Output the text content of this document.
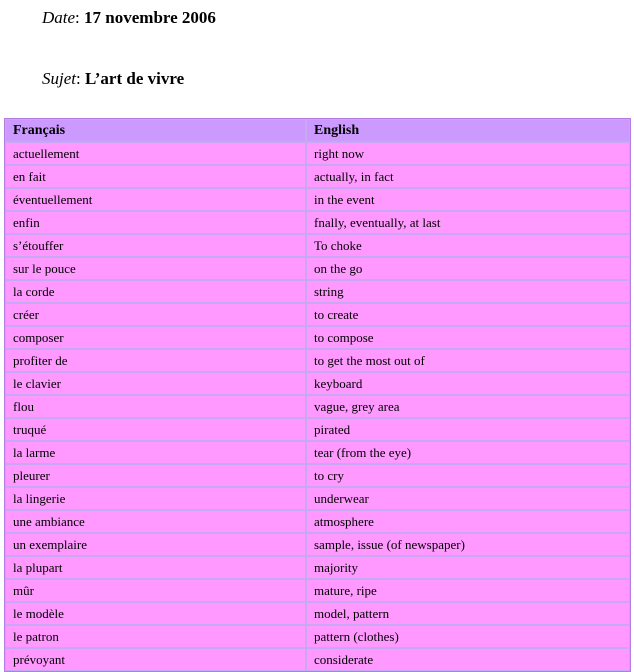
Date: 17 novembre 2006
Sujet: L’art de vivre
Français	English
actuellement	right now
en fait	actually, in fact
éventuellement	in the event
enfin	fnally, eventually, at last
s’étouffer	To choke
sur le pouce	on the go
la corde	string
créer	to create
composer	to compose
profiter de	to get the most out of
le clavier	keyboard
flou	vague, grey area
truqué	pirated
la larme	tear (from the eye)
pleurer	to cry
la lingerie	underwear
une ambiance	atmosphere
un exemplaire	sample, issue (of newspaper)
la plupart	majority
mûr	mature, ripe
le modèle	model, pattern
le patron	pattern (clothes)
prévoyant	considerate
